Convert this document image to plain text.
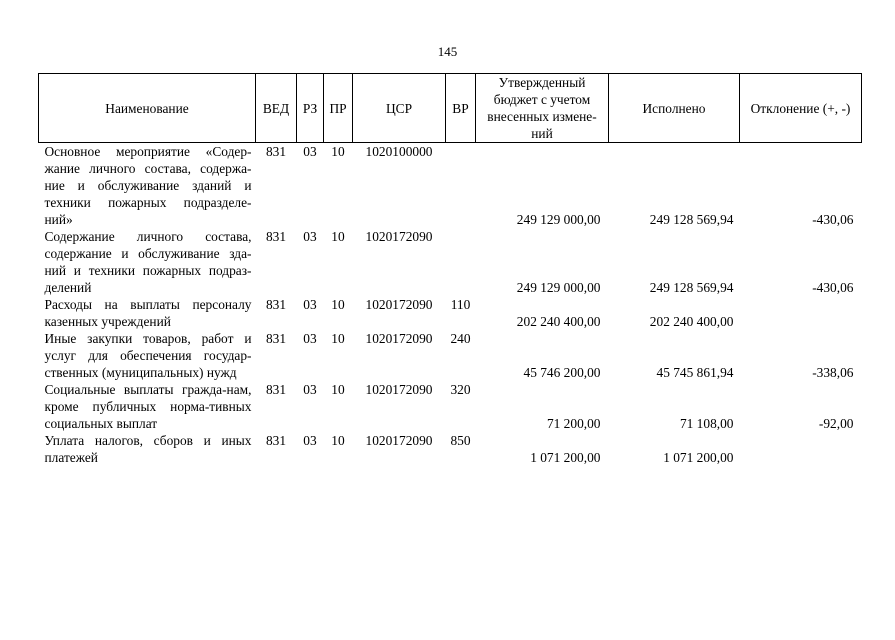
145
Наименование	ВЕД	РЗ	ПР	ЦСР	ВР	Утвержденный бюджет с учетом внесенных измене-ний	Исполнено	Отклонение (+, -)
Основное мероприятие «Содер-жание личного состава, содержа-ние и обслуживание зданий и техники пожарных подразделе-ний»	831	03	10	1020100000		249 129 000,00	249 128 569,94	-430,06
Содержание личного состава, содержание и обслуживание зда-ний и техники пожарных подраз-делений	831	03	10	1020172090		249 129 000,00	249 128 569,94	-430,06
Расходы на выплаты персоналу казенных учреждений	831	03	10	1020172090	110	202 240 400,00	202 240 400,00	
Иные закупки товаров, работ и услуг для обеспечения государ-ственных (муниципальных) нужд	831	03	10	1020172090	240	45 746 200,00	45 745 861,94	-338,06
Социальные выплаты гражда-нам, кроме публичных норма-тивных социальных выплат	831	03	10	1020172090	320	71 200,00	71 108,00	-92,00
Уплата налогов, сборов и иных платежей	831	03	10	1020172090	850	1 071 200,00	1 071 200,00	
